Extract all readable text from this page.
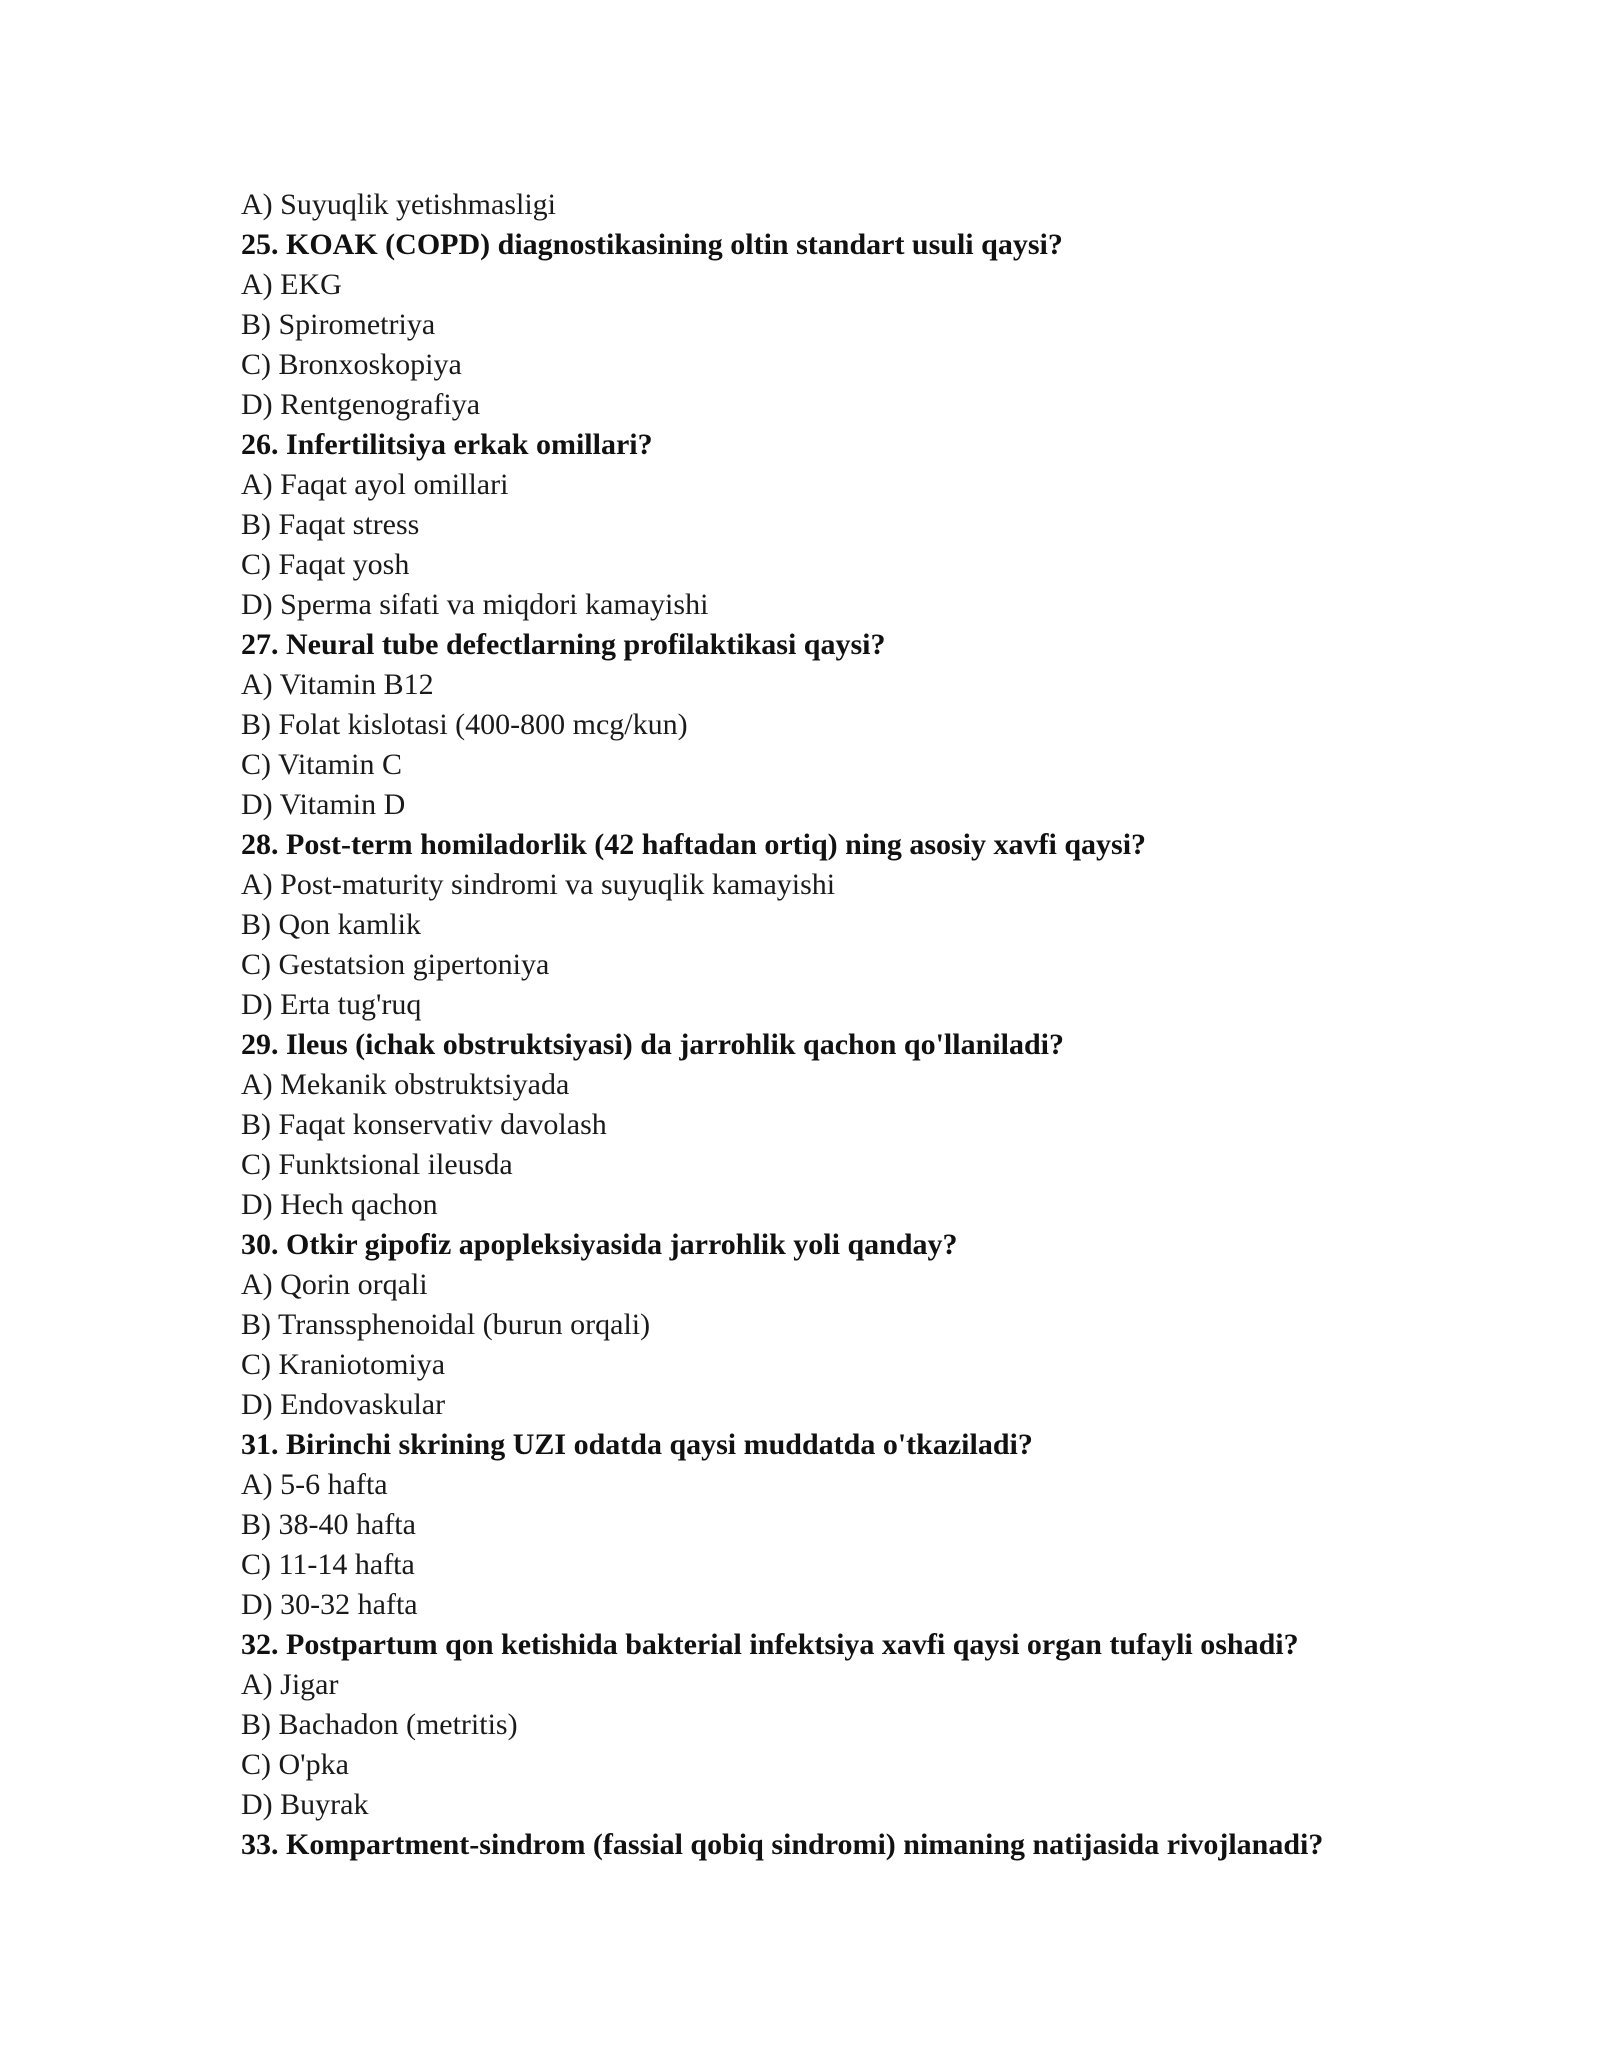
A) Suyuqlik yetishmasligi
25. KOAK (COPD) diagnostikasining oltin standart usuli qaysi?
A) EKG
B) Spirometriya
C) Bronxoskopiya
D) Rentgenografiya
26. Infertilitsiya erkak omillari?
A) Faqat ayol omillari
B) Faqat stress
C) Faqat yosh
D) Sperma sifati va miqdori kamayishi
27. Neural tube defectlarning profilaktikasi qaysi?
A) Vitamin B12
B) Folat kislotasi (400-800 mcg/kun)
C) Vitamin C
D) Vitamin D
28. Post-term homiladorlik (42 haftadan ortiq) ning asosiy xavfi qaysi?
A) Post-maturity sindromi va suyuqlik kamayishi
B) Qon kamlik
C) Gestatsion gipertoniya
D) Erta tug'ruq
29. Ileus (ichak obstruktsiyasi) da jarrohlik qachon qo'llaniladi?
A) Mekanik obstruktsiyada
B) Faqat konservativ davolash
C) Funktsional ileusda
D) Hech qachon
30. Otkir gipofiz apopleksiyasida jarrohlik yoli qanday?
A) Qorin orqali
B) Transsphenoidal (burun orqali)
C) Kraniotomiya
D) Endovaskular
31. Birinchi skrining UZI odatda qaysi muddatda o'tkaziladi?
A) 5-6 hafta
B) 38-40 hafta
C) 11-14 hafta
D) 30-32 hafta
32. Postpartum qon ketishida bakterial infektsiya xavfi qaysi organ tufayli oshadi?
A) Jigar
B) Bachadon (metritis)
C) O'pka
D) Buyrak
33. Kompartment-sindrom (fassial qobiq sindromi) nimaning natijasida rivojlanadi?
